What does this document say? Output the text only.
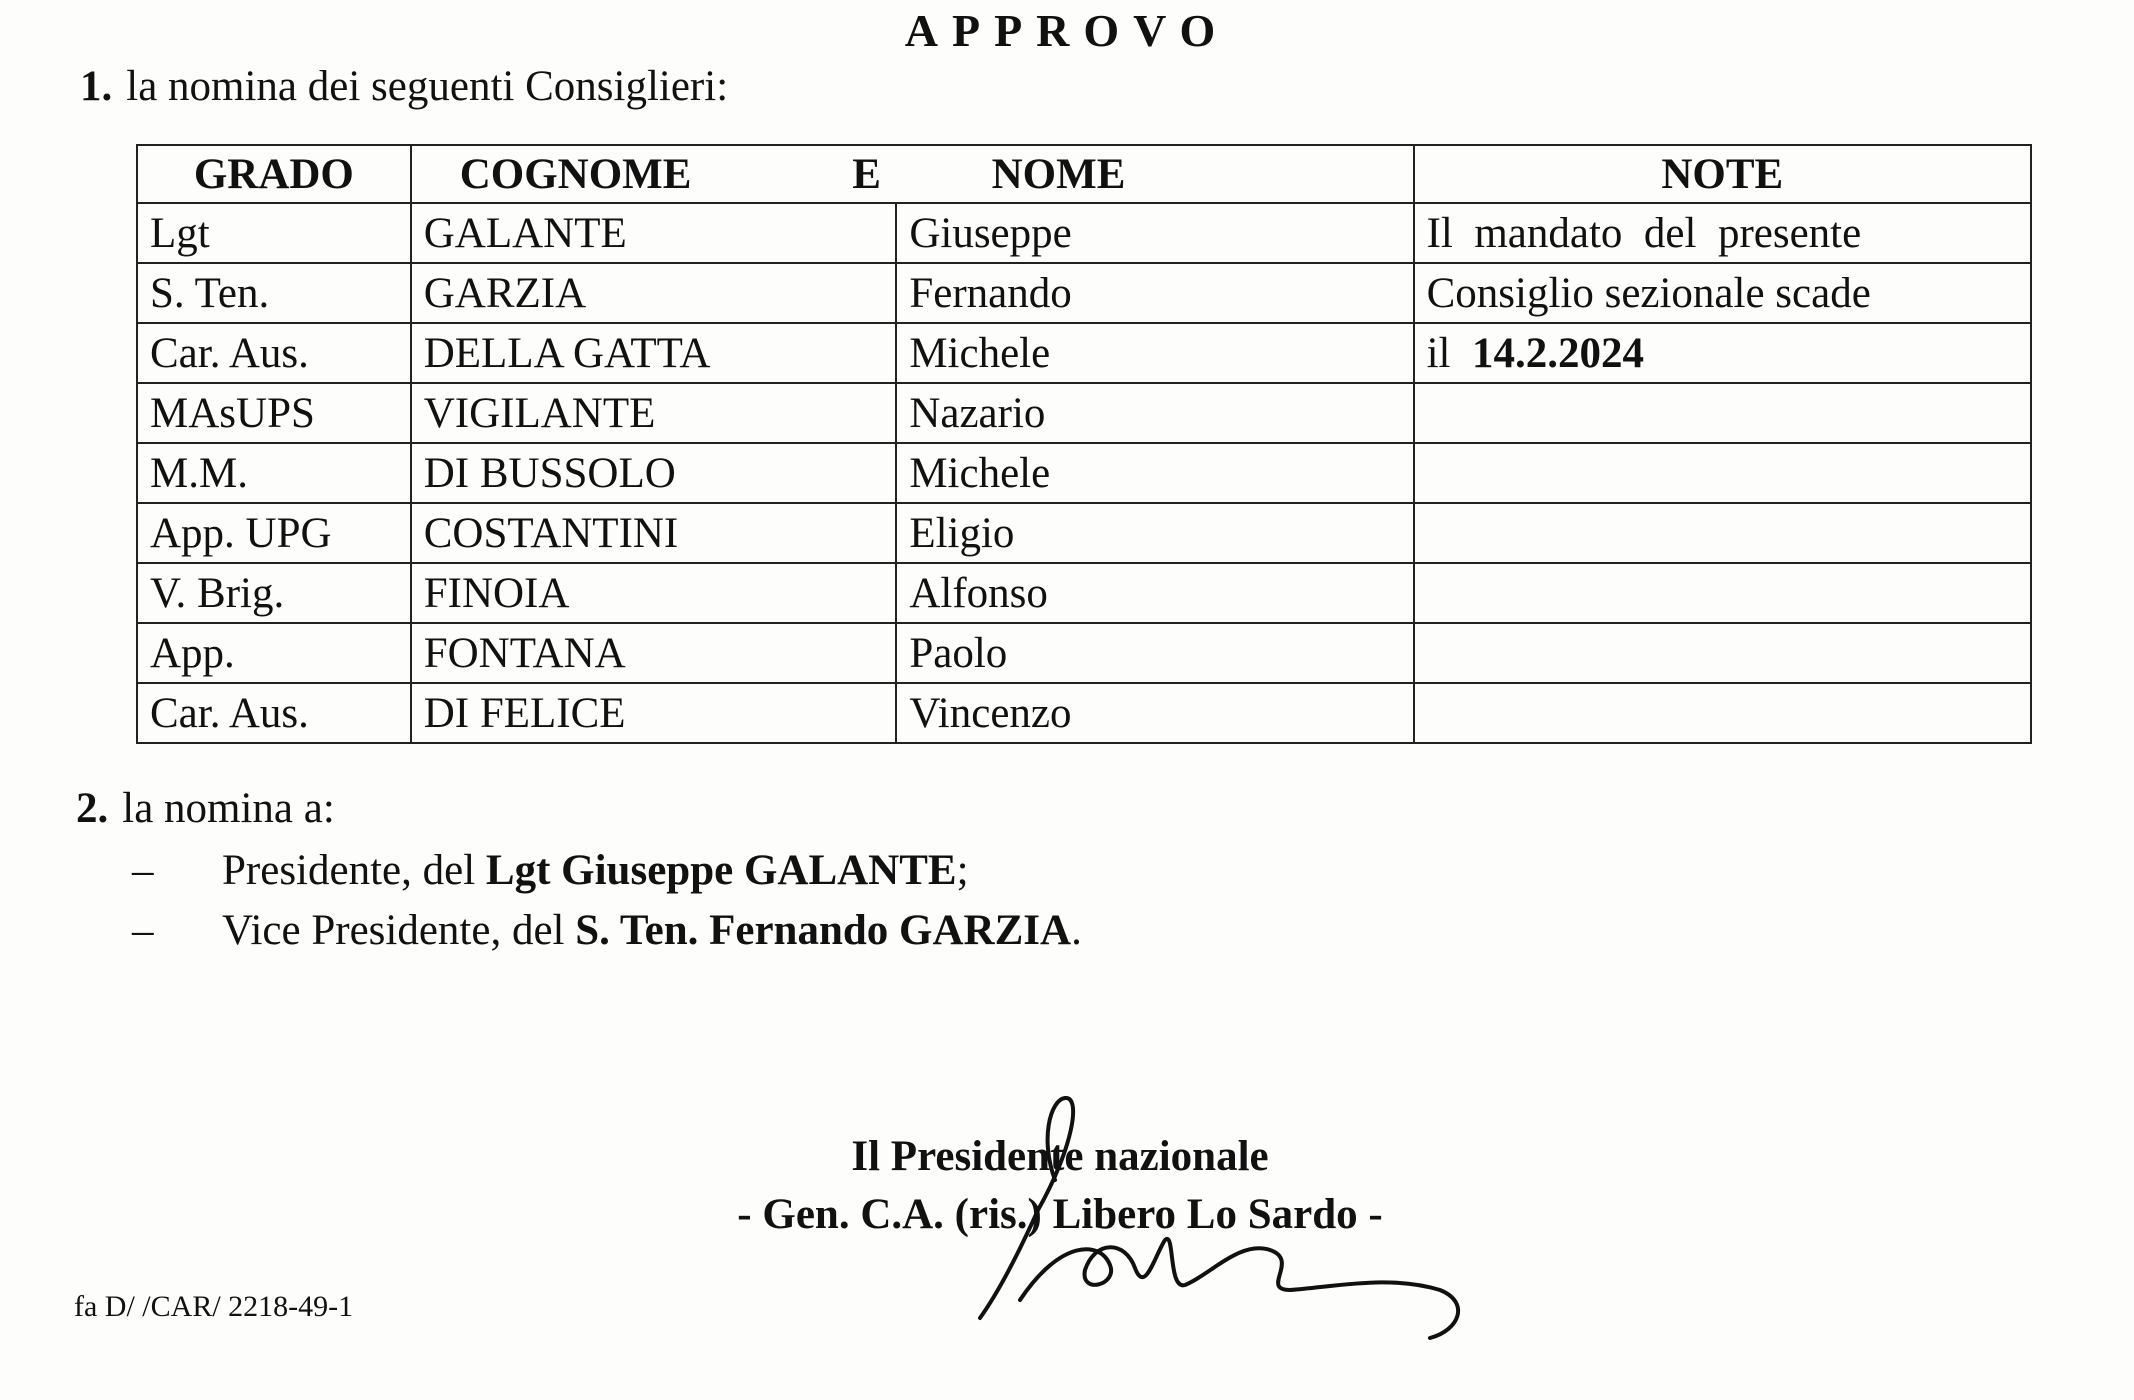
APPROVO
1. la nomina dei seguenti Consiglieri:
GRADO	COGNOME E NOME		NOTE
Lgt	GALANTE	Giuseppe	Il  mandato  del  presente
S. Ten.	GARZIA	Fernando	Consiglio sezionale scade
Car. Aus.	DELLA GATTA	Michele	il  14.2.2024
MAsUPS	VIGILANTE	Nazario	
M.M.	DI BUSSOLO	Michele	
App. UPG	COSTANTINI	Eligio	
V. Brig.	FINOIA	Alfonso	
App.	FONTANA	Paolo	
Car. Aus.	DI FELICE	Vincenzo	
2. la nomina a:
– Presidente, del Lgt Giuseppe GALANTE;
– Vice Presidente, del S. Ten. Fernando GARZIA.
Il Presidente nazionale
- Gen. C.A. (ris.) Libero Lo Sardo -
fa D/ /CAR/ 2218-49-1
